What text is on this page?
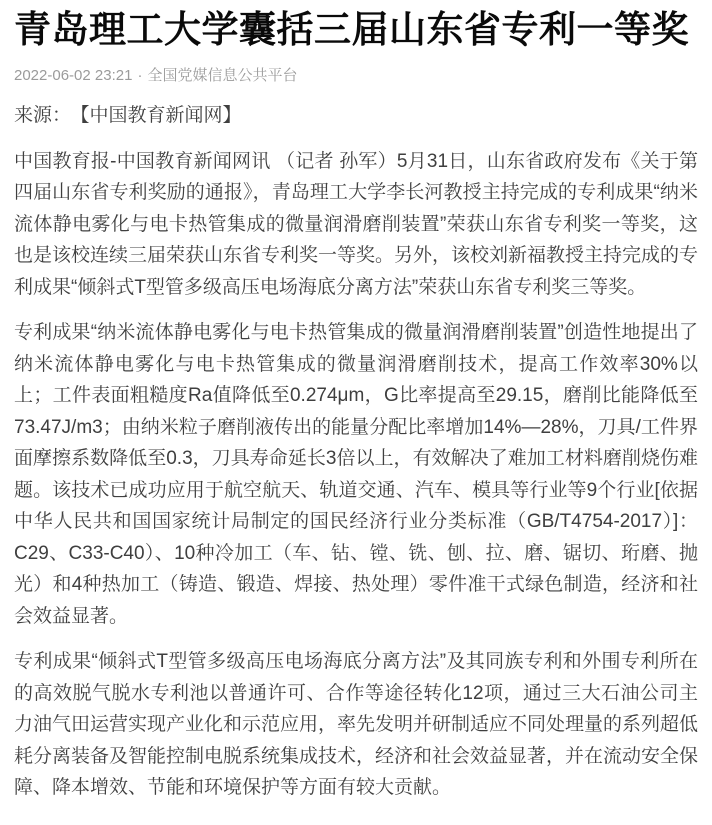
青岛理工大学囊括三届山东省专利一等奖
2022-06-02 23:21 · 全国党媒信息公共平台

来源： 【中国教育新闻网】

中国教育报-中国教育新闻网讯 （记者 孙军）5月31日，山东省政府发布《关于第四届山东省专利奖励的通报》，青岛理工大学李长河教授主持完成的专利成果“纳米流体静电雾化与电卡热管集成的微量润滑磨削装置”荣获山东省专利奖一等奖，这也是该校连续三届荣获山东省专利奖一等奖。另外，该校刘新福教授主持完成的专利成果“倾斜式T型管多级高压电场海底分离方法”荣获山东省专利奖三等奖。

专利成果“纳米流体静电雾化与电卡热管集成的微量润滑磨削装置”创造性地提出了纳米流体静电雾化与电卡热管集成的微量润滑磨削技术，提高工作效率30%以上；工件表面粗糙度Ra值降低至0.274μm，G比率提高至29.15，磨削比能降低至73.47J/m3；由纳米粒子磨削液传出的能量分配比率增加14%—28%，刀具/工件界面摩擦系数降低至0.3，刀具寿命延长3倍以上，有效解决了难加工材料磨削烧伤难题。该技术已成功应用于航空航天、轨道交通、汽车、模具等行业等9个行业[依据中华人民共和国国家统计局制定的国民经济行业分类标准（GB/T4754-2017）]：C29、C33-C40）、10种冷加工（车、钻、镗、铣、刨、拉、磨、锯切、珩磨、抛光）和4种热加工（铸造、锻造、焊接、热处理）零件准干式绿色制造，经济和社会效益显著。

专利成果“倾斜式T型管多级高压电场海底分离方法”及其同族专利和外围专利所在的高效脱气脱水专利池以普通许可、合作等途径转化12项，通过三大石油公司主力油气田运营实现产业化和示范应用，率先发明并研制适应不同处理量的系列超低耗分离装备及智能控制电脱系统集成技术，经济和社会效益显著，并在流动安全保障、降本增效、节能和环境保护等方面有较大贡献。
